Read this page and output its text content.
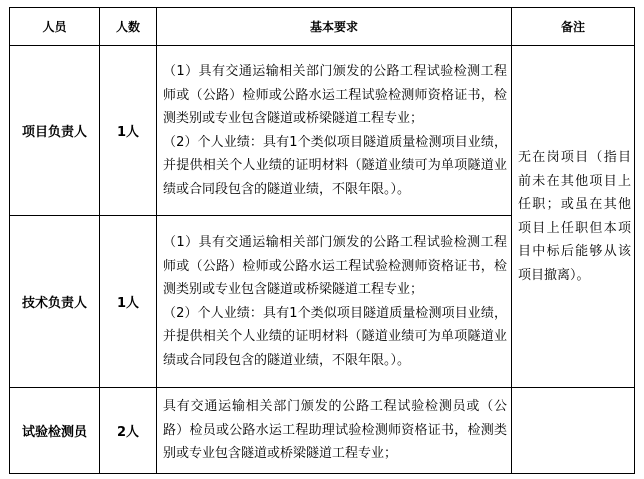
人员	人数	基本要求	备注
项目负责人	1人	（1）具有交通运输相关部门颁发的公路工程试验检测工程师或（公路）检师或公路水运工程试验检测师资格证书，检测类别或专业包含隧道或桥梁隧道工程专业；

（2）个人业绩：具有1个类似项目隧道质量检测项目业绩，并提供相关个人业绩的证明材料（隧道业绩可为单项隧道业绩或合同段包含的隧道业绩，不限年限。）。	无在岗项目（指目前未在其他项目上任职；或虽在其他项目上任职但本项目中标后能够从该项目撤离）。
技术负责人	1人	（1）具有交通运输相关部门颁发的公路工程试验检测工程师或（公路）检师或公路水运工程试验检测师资格证书，检测类别或专业包含隧道或桥梁隧道工程专业；

（2）个人业绩：具有1个类似项目隧道质量检测项目业绩，并提供相关个人业绩的证明材料（隧道业绩可为单项隧道业绩或合同段包含的隧道业绩，不限年限。）。	

试验检测员	2人	具有交通运输相关部门颁发的公路工程试验检测员或（公路）检员或公路水运工程助理试验检测师资格证书，检测类别或专业包含隧道或桥梁隧道工程专业；	
